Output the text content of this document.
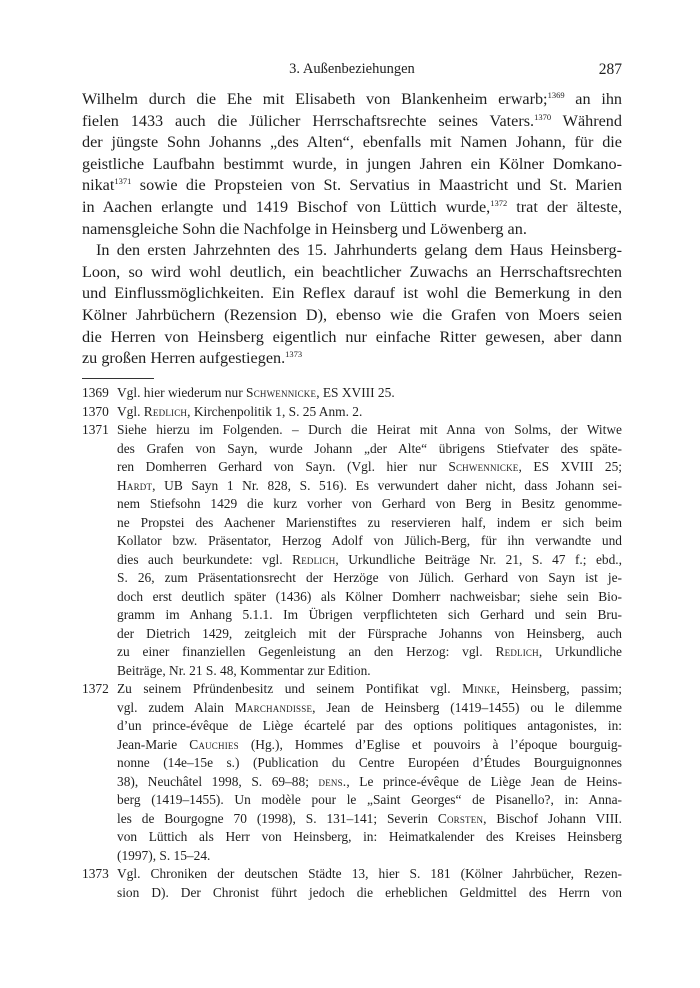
3. Außenbeziehungen	287
Wilhelm durch die Ehe mit Elisabeth von Blankenheim erwarb;$^{1369}$ an ihn
fielen 1433 auch die Jülicher Herrschaftsrechte seines Vaters.$^{1370}$ Während
der jüngste Sohn Johanns „des Alten“, ebenfalls mit Namen Johann, für die
geistliche Laufbahn bestimmt wurde, in jungen Jahren ein Kölner Domkano-
nikat$^{1371}$ sowie die Propsteien von St. Servatius in Maastricht und St. Marien
in Aachen erlangte und 1419 Bischof von Lüttich wurde,$^{1372}$ trat der älteste,
namensgleiche Sohn die Nachfolge in Heinsberg und Löwenberg an.
In den ersten Jahrzehnten des 15. Jahrhunderts gelang dem Haus Heinsberg-
Loon, so wird wohl deutlich, ein beachtlicher Zuwachs an Herrschaftsrechten
und Einflussmöglichkeiten. Ein Reflex darauf ist wohl die Bemerkung in den
Kölner Jahrbüchern (Rezension D), ebenso wie die Grafen von Moers seien
die Herren von Heinsberg eigentlich nur einfache Ritter gewesen, aber dann
zu großen Herren aufgestiegen.$^{1373}$
1369 Vgl. hier wiederum nur Schwennicke, ES XVIII 25.
1370 Vgl. Redlich, Kirchenpolitik 1, S. 25 Anm. 2.
1371 Siehe hierzu im Folgenden. – Durch die Heirat mit Anna von Solms, der Witwe
des Grafen von Sayn, wurde Johann „der Alte“ übrigens Stiefvater des späte-
ren Domherren Gerhard von Sayn. (Vgl. hier nur Schwennicke, ES XVIII 25;
Hardt, UB Sayn 1 Nr. 828, S. 516). Es verwundert daher nicht, dass Johann sei-
nem Stiefsohn 1429 die kurz vorher von Gerhard von Berg in Besitz genomme-
ne Propstei des Aachener Marienstiftes zu reservieren half, indem er sich beim
Kollator bzw. Präsentator, Herzog Adolf von Jülich-Berg, für ihn verwandte und
dies auch beurkundete: vgl. Redlich, Urkundliche Beiträge Nr. 21, S. 47 f.; ebd.,
S. 26, zum Präsentationsrecht der Herzöge von Jülich. Gerhard von Sayn ist je-
doch erst deutlich später (1436) als Kölner Domherr nachweisbar; siehe sein Bio-
gramm im Anhang 5.1.1. Im Übrigen verpflichteten sich Gerhard und sein Bru-
der Dietrich 1429, zeitgleich mit der Fürsprache Johanns von Heinsberg, auch
zu einer finanziellen Gegenleistung an den Herzog: vgl. Redlich, Urkundliche
Beiträge, Nr. 21 S. 48, Kommentar zur Edition.
1372 Zu seinem Pfründenbesitz und seinem Pontifikat vgl. Minke, Heinsberg, passim;
vgl. zudem Alain Marchandisse, Jean de Heinsberg (1419–1455) ou le dilemme
d’un prince-évêque de Liège écartelé par des options politiques antagonistes, in:
Jean-Marie Cauchies (Hg.), Hommes d’Eglise et pouvoirs à l’époque bourguig-
nonne (14e–15e s.) (Publication du Centre Européen d’Études Bourguignonnes
38), Neuchâtel 1998, S. 69–88; dens., Le prince-évêque de Liège Jean de Heins-
berg (1419–1455). Un modèle pour le „Saint Georges“ de Pisanello?, in: Anna-
les de Bourgogne 70 (1998), S. 131–141; Severin Corsten, Bischof Johann VIII.
von Lüttich als Herr von Heinsberg, in: Heimatkalender des Kreises Heinsberg
(1997), S. 15–24.
1373 Vgl. Chroniken der deutschen Städte 13, hier S. 181 (Kölner Jahrbücher, Rezen-
sion D). Der Chronist führt jedoch die erheblichen Geldmittel des Herrn von
